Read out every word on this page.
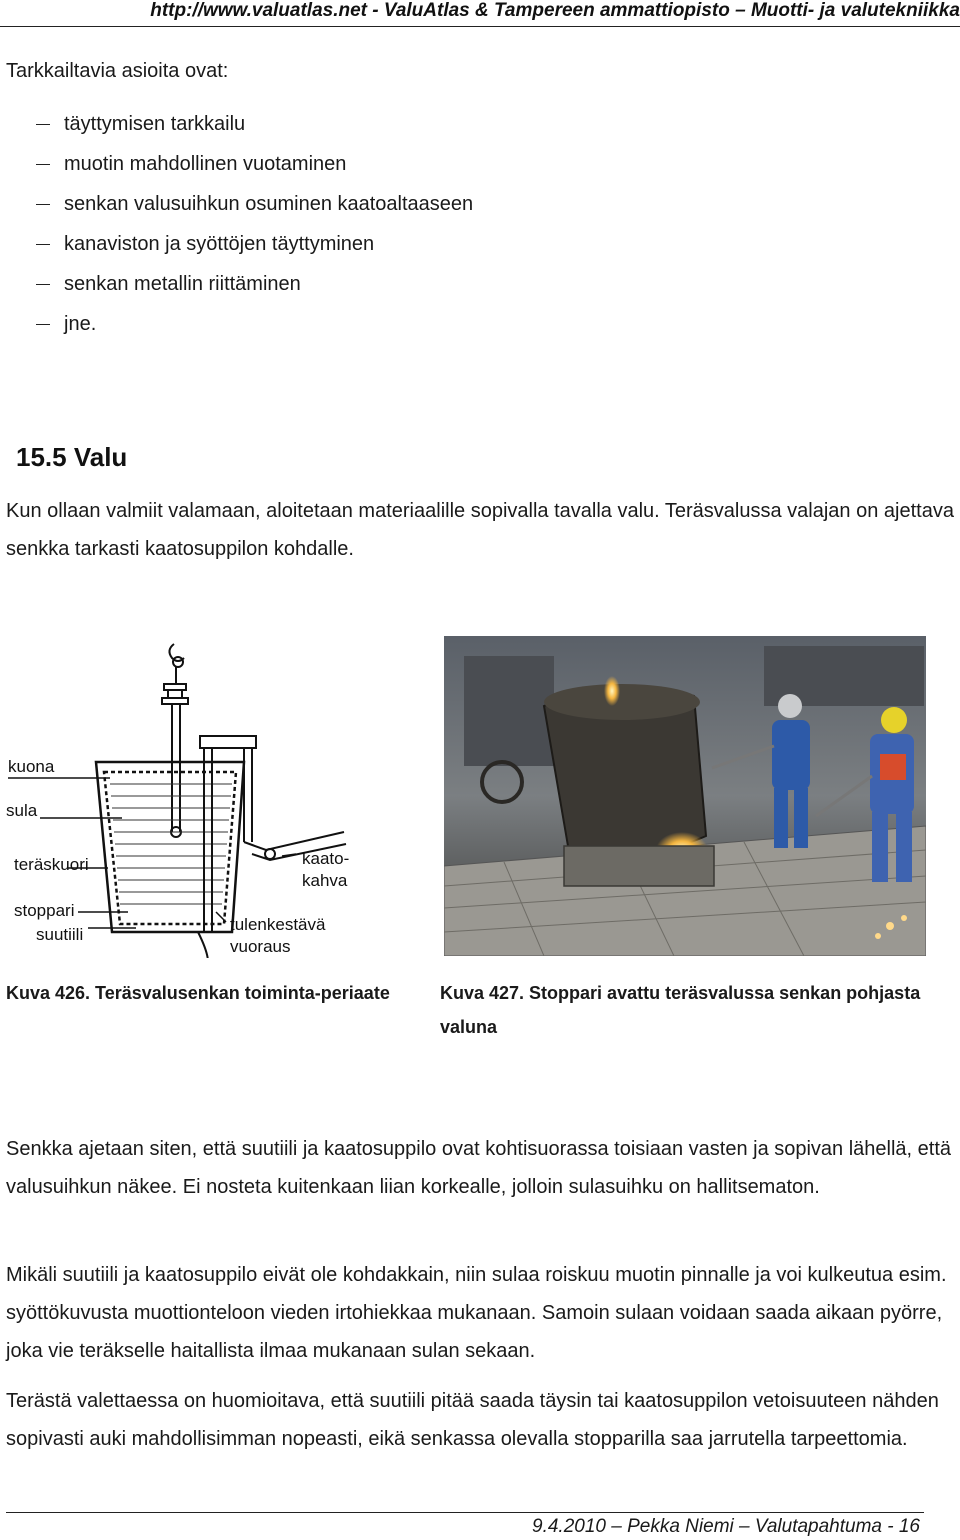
http://www.valuatlas.net - ValuAtlas & Tampereen ammattiopisto – Muotti- ja valutekniikka
Tarkkailtavia asioita ovat:
täyttymisen tarkkailu
muotin mahdollinen vuotaminen
senkan valusuihkun osuminen kaatoaltaaseen
kanaviston ja syöttöjen täyttyminen
senkan metallin riittäminen
jne.
15.5 Valu
Kun ollaan valmiit valamaan, aloitetaan materiaalille sopivalla tavalla valu. Teräsvalussa valajan on ajettava senkka tarkasti kaatosuppilon kohdalle.
kuona
sula
teräskuori
stoppari
suutiili
kaato-
kahva
tulenkestävä
vuoraus
Kuva 426. Teräsvalusenkan toiminta-periaate	Kuva 427. Stoppari avattu teräsvalussa senkan pohjasta valuna
Senkka ajetaan siten, että suutiili ja kaatosuppilo ovat kohtisuorassa toisiaan vasten ja sopivan lähellä, että valusuihkun näkee. Ei nosteta kuitenkaan liian korkealle, jolloin sulasuihku on hallitsematon.
Mikäli suutiili ja kaatosuppilo eivät ole kohdakkain, niin sulaa roiskuu muotin pinnalle ja voi kulkeutua esim. syöttökuvusta muottionteloon vieden irtohiekkaa mukanaan. Samoin sulaan voidaan saada aikaan pyörre, joka vie teräkselle haitallista ilmaa mukanaan sulan sekaan.
Terästä valettaessa on huomioitava, että suutiili pitää saada täysin tai kaatosuppilon vetoisuuteen nähden sopivasti auki mahdollisimman nopeasti, eikä senkassa olevalla stopparilla saa jarrutella tarpeettomia.
9.4.2010 – Pekka Niemi – Valutapahtuma - 16
